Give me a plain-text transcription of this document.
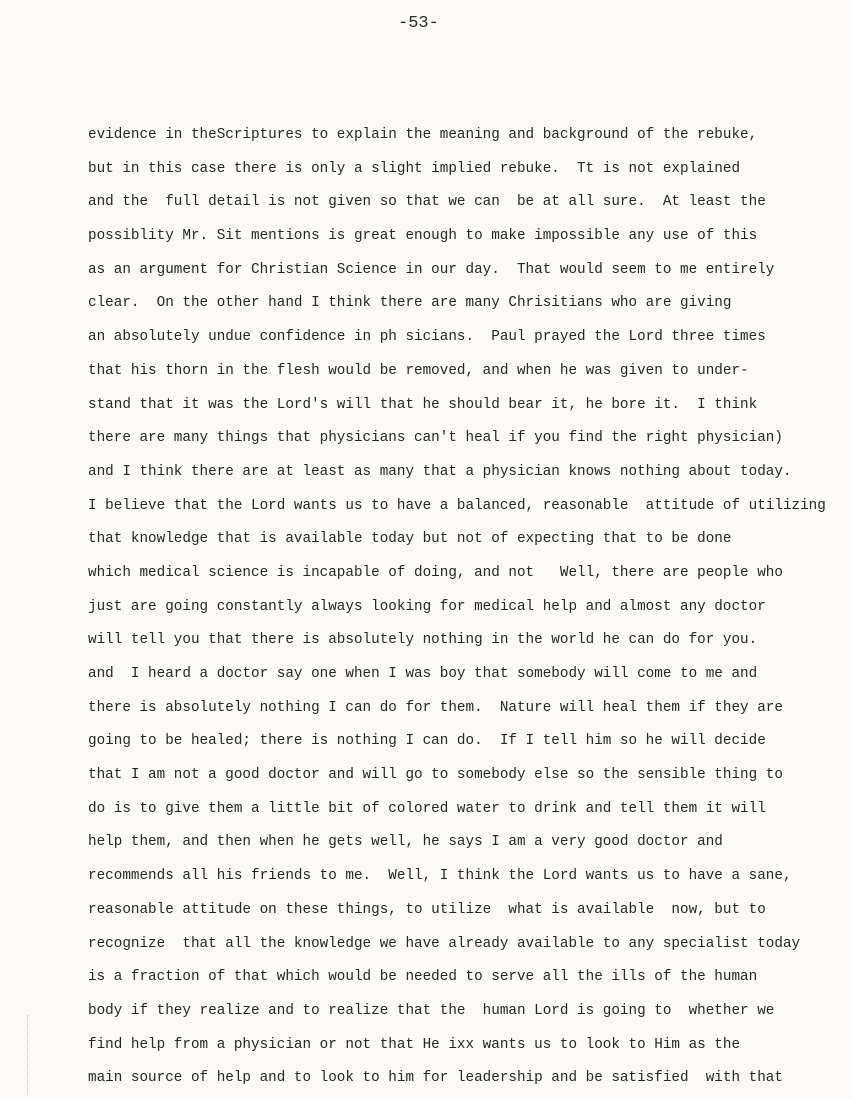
-53-
evidence in theScriptures to explain the meaning and background of the rebuke,
but in this case there is only a slight implied rebuke.  Tt is not explained
and the  full detail is not given so that we can  be at all sure.  At least the
possiblity Mr. Sit mentions is great enough to make impossible any use of this
as an argument for Christian Science in our day.  That would seem to me entirely
clear.  On the other hand I think there are many Chrisitians who are giving
an absolutely undue confidence in ph sicians.  Paul prayed the Lord three times
that his thorn in the flesh would be removed, and when he was given to under-
stand that it was the Lord's will that he should bear it, he bore it.  I think
there are many things that physicians can't heal if you find the right physician)
and I think there are at least as many that a physician knows nothing about today.
I believe that the Lord wants us to have a balanced, reasonable  attitude of utilizing
that knowledge that is available today but not of expecting that to be done
which medical science is incapable of doing, and not   Well, there are people who
just are going constantly always looking for medical help and almost any doctor
will tell you that there is absolutely nothing in the world he can do for you.
and  I heard a doctor say one when I was boy that somebody will come to me and
there is absolutely nothing I can do for them.  Nature will heal them if they are
going to be healed; there is nothing I can do.  If I tell him so he will decide
that I am not a good doctor and will go to somebody else so the sensible thing to
do is to give them a little bit of colored water to drink and tell them it will
help them, and then when he gets well, he says I am a very good doctor and
recommends all his friends to me.  Well, I think the Lord wants us to have a sane,
reasonable attitude on these things, to utilize  what is available  now, but to
recognize  that all the knowledge we have already available to any specialist today
is a fraction of that which would be needed to serve all the ills of the human
body if they realize and to realize that the  human Lord is going to  whether we
find help from a physician or not that He ixx wants us to look to Him as the
main source of help and to look to him for leadership and be satisfied  with that
